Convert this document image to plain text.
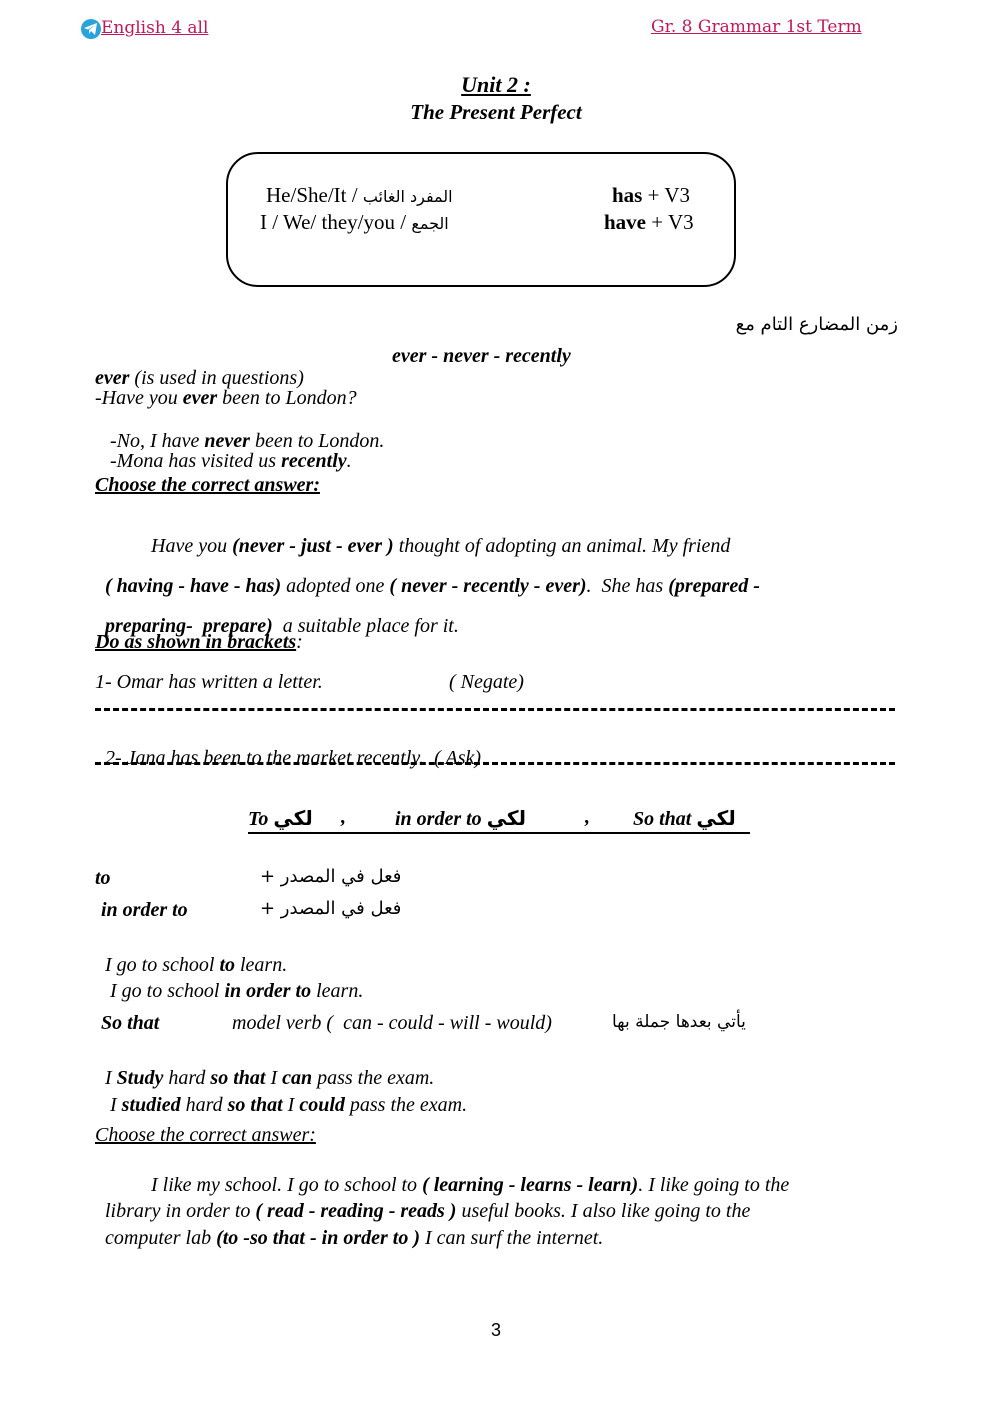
English 4 all	Gr. 8 Grammar 1st Term
Unit 2 :
The Present Perfect
He/She/It / المفرد الغائب	has + V3
I / We/ they/you / الجمع	have + V3
زمن المضارع التام مع
ever - never - recently
ever (is used in questions)
-Have you ever been to London?

-No, I have never been to London.

-Mona has visited us recently.

Choose the correct answer:

Have you (never - just - ever ) thought of adopting an animal. My friend

( having - have - has) adopted one ( never - recently - ever).  She has (prepared -

preparing-  prepare)  a suitable place for it.

Do as shown in brackets:
1- Omar has written a letter.	( Negate)

2- Jana has been to the market recently. ( Ask)

To لكي , in order to لكي	, So that لكي
to	فعل في المصدر +
in order to	فعل في المصدر +

I go to school to learn.

I go to school in order to learn.

So that	model verb (  can - could - will - would)	يأتي بعدها جملة بها

I Study hard so that I can pass the exam.

I studied hard so that I could pass the exam.

Choose the correct answer:

I like my school. I go to school to ( learning - learns - learn). I like going to the

library in order to ( read - reading - reads ) useful books. I also like going to the

computer lab (to -so that - in order to ) I can surf the internet.

3
